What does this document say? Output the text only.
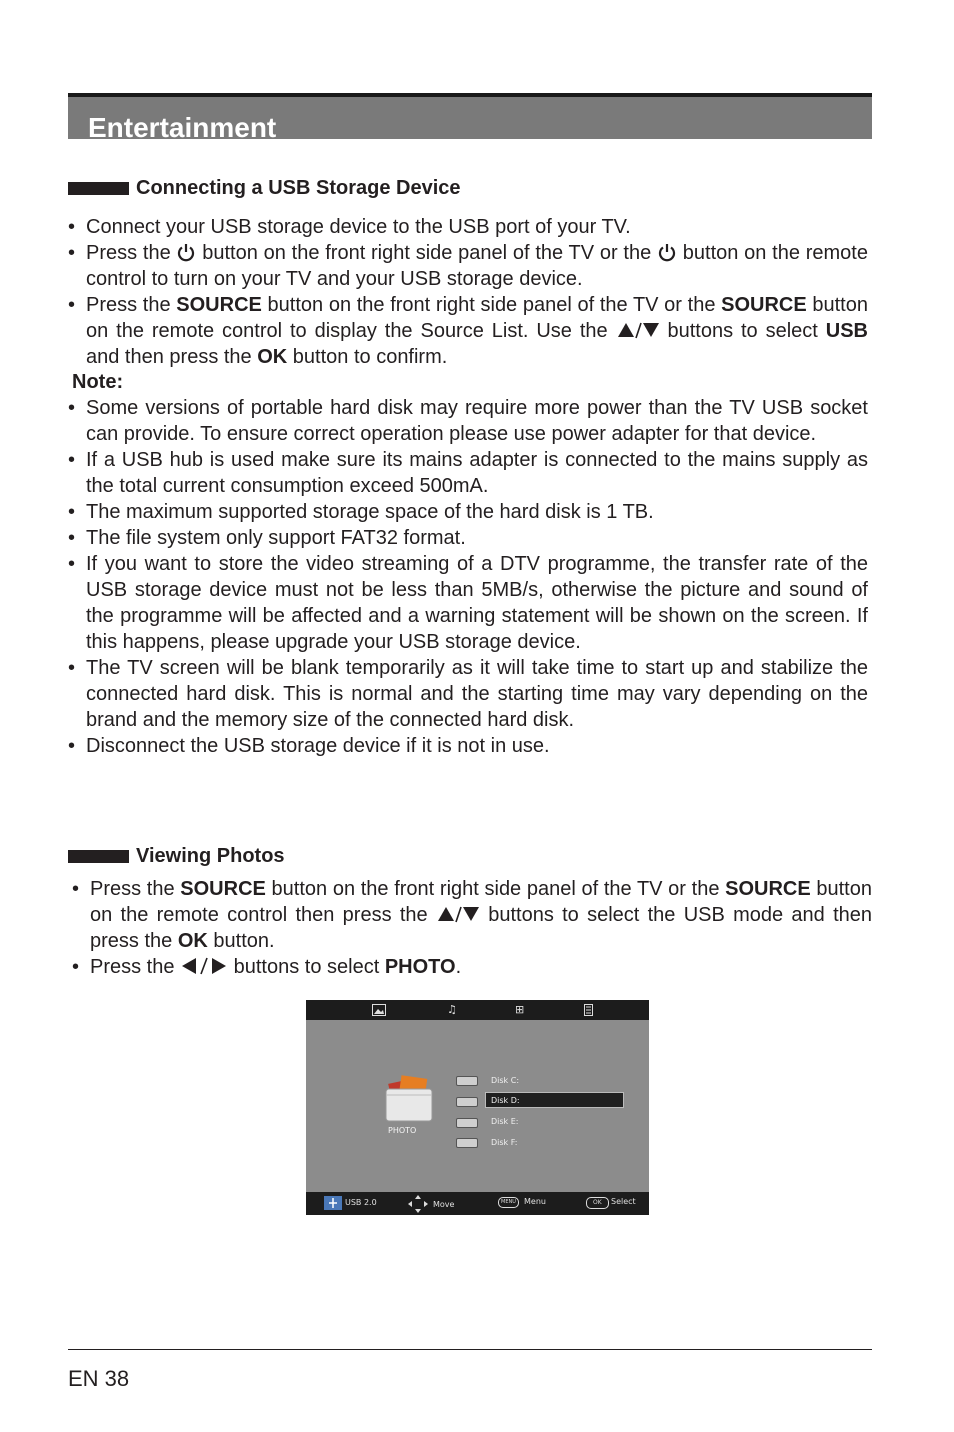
Entertainment
Connecting a USB Storage Device
• Connect your USB storage device to the USB port of your TV.
• Press the  button on the front right side panel of the TV or the  button on the remote control to turn on your TV and your USB storage device.
• Press the SOURCE button on the front right side panel of the TV or the SOURCE button on the remote control to display the Source List. Use the  buttons to select USB and then press the OK button to confirm.
Note:
• Some versions of portable hard disk may require more power than the TV USB socket can provide. To ensure correct operation please use power adapter for that device.
• If a USB hub is used make sure its mains adapter is connected to the mains supply as the total current consumption exceed 500mA.
• The maximum supported storage space of the hard disk is 1 TB.
• The file system only support FAT32 format.
• If you want to store the video streaming of a DTV programme, the transfer rate of the USB storage device must not be less than 5MB/s, otherwise the picture and sound of the programme will be affected and a warning statement will be shown on the screen. If this happens, please upgrade your USB storage device.
• The TV screen will be blank temporarily as it will take time to start up and stabilize the connected hard disk. This is normal and the starting time may vary depending on the brand and the memory size of the connected hard disk.
• Disconnect the USB storage device if it is not in use.
Viewing Photos
• Press the SOURCE button on the front right side panel of the TV or the SOURCE button on the remote control then press the  buttons to select the USB mode and then press the OK button.
• Press the  buttons to select PHOTO.
♫	⊞
PHOTO
Disk C:
Disk D:
Disk E:
Disk F:
USB 2.0	Move	MENU	Menu	OK	Select
EN 38
